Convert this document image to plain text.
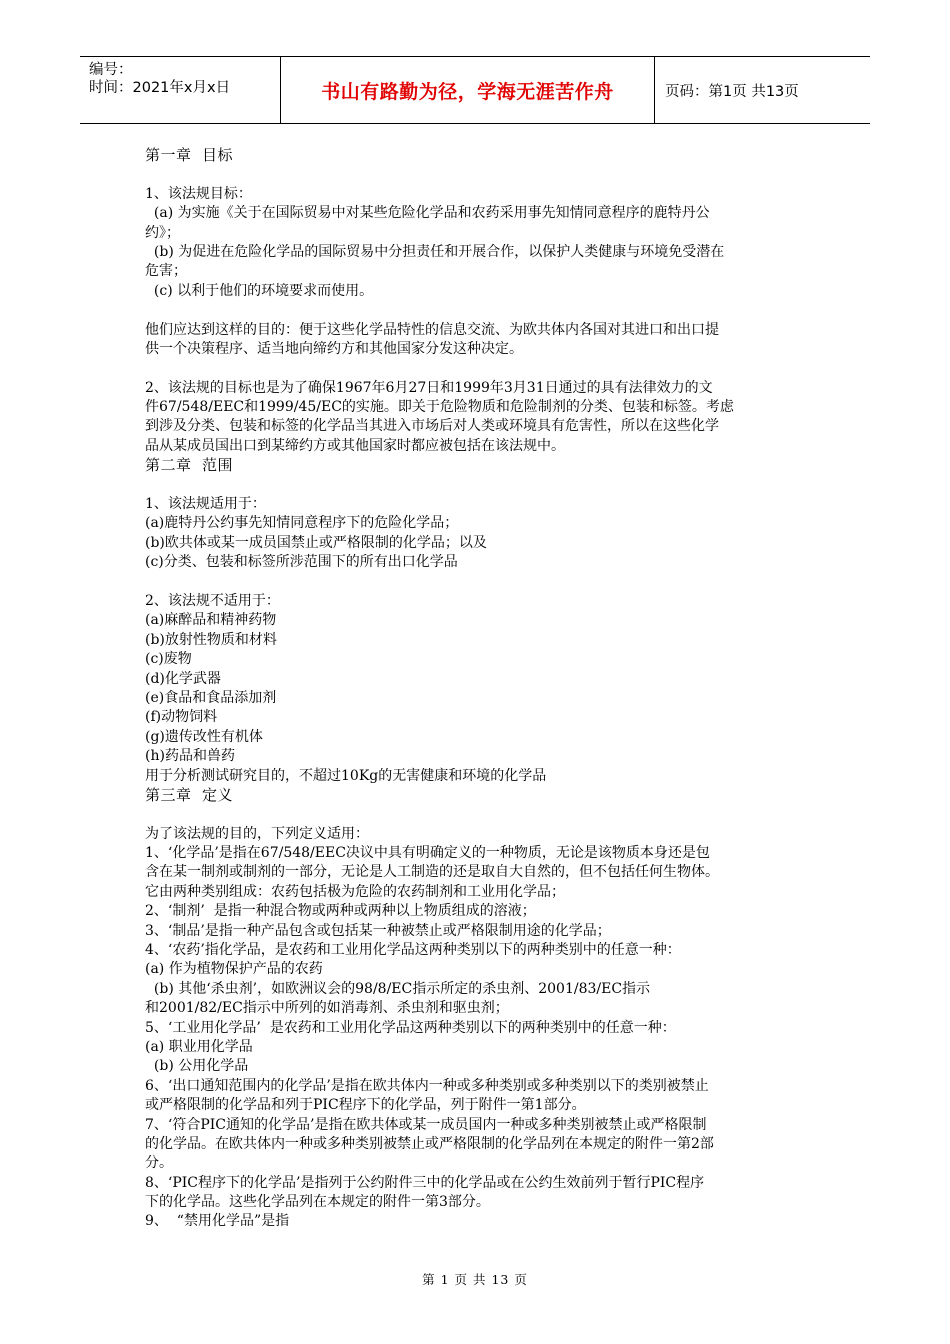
编号：
时间：2021年x月x日	书山有路勤为径，学海无涯苦作舟	页码：第1页 共13页
第一章  目标
1、该法规目标：
(a) 为实施《关于在国际贸易中对某些危险化学品和农药采用事先知情同意程序的鹿特丹公
约》；
(b) 为促进在危险化学品的国际贸易中分担责任和开展合作，以保护人类健康与环境免受潜在
危害；
(c) 以利于他们的环境要求而使用。
他们应达到这样的目的：便于这些化学品特性的信息交流、为欧共体内各国对其进口和出口提
供一个决策程序、适当地向缔约方和其他国家分发这种决定。
2、该法规的目标也是为了确保1967年6月27日和1999年3月31日通过的具有法律效力的文
件67/548/EEC和1999/45/EC的实施。即关于危险物质和危险制剂的分类、包装和标签。考虑
到涉及分类、包装和标签的化学品当其进入市场后对人类或环境具有危害性，所以在这些化学
品从某成员国出口到某缔约方或其他国家时都应被包括在该法规中。
第二章  范围
1、该法规适用于：
(a)鹿特丹公约事先知情同意程序下的危险化学品；
(b)欧共体或某一成员国禁止或严格限制的化学品；以及
(c)分类、包装和标签所涉范围下的所有出口化学品
2、该法规不适用于：
(a)麻醉品和精神药物
(b)放射性物质和材料
(c)废物
(d)化学武器
(e)食品和食品添加剂
(f)动物饲料
(g)遗传改性有机体
(h)药品和兽药
用于分析测试研究目的，不超过10Kg的无害健康和环境的化学品
第三章  定义
为了该法规的目的，下列定义适用：
1、‘化学品’是指在67/548/EEC决议中具有明确定义的一种物质，无论是该物质本身还是包
含在某一制剂或制剂的一部分，无论是人工制造的还是取自大自然的，但不包括任何生物体。
它由两种类别组成：农药包括极为危险的农药制剂和工业用化学品；
2、‘制剂’  是指一种混合物或两种或两种以上物质组成的溶液；
3、‘制品’是指一种产品包含或包括某一种被禁止或严格限制用途的化学品；
4、‘农药’指化学品，是农药和工业用化学品这两种类别以下的两种类别中的任意一种：
(a) 作为植物保护产品的农药
(b) 其他‘杀虫剂’，如欧洲议会的98/8/EC指示所定的杀虫剂、2001/83/EC指示
和2001/82/EC指示中所列的如消毒剂、杀虫剂和驱虫剂；
5、‘工业用化学品’  是农药和工业用化学品这两种类别以下的两种类别中的任意一种：
(a) 职业用化学品
(b) 公用化学品
6、‘出口通知范围内的化学品’是指在欧共体内一种或多种类别或多种类别以下的类别被禁止
或严格限制的化学品和列于PIC程序下的化学品，列于附件一第1部分。
7、‘符合PIC通知的化学品’是指在欧共体或某一成员国内一种或多种类别被禁止或严格限制
的化学品。在欧共体内一种或多种类别被禁止或严格限制的化学品列在本规定的附件一第2部
分。
8、‘PIC程序下的化学品’是指列于公约附件三中的化学品或在公约生效前列于暂行PIC程序
下的化学品。这些化学品列在本规定的附件一第3部分。
9、  “禁用化学品”是指
第 1 页 共 13 页
